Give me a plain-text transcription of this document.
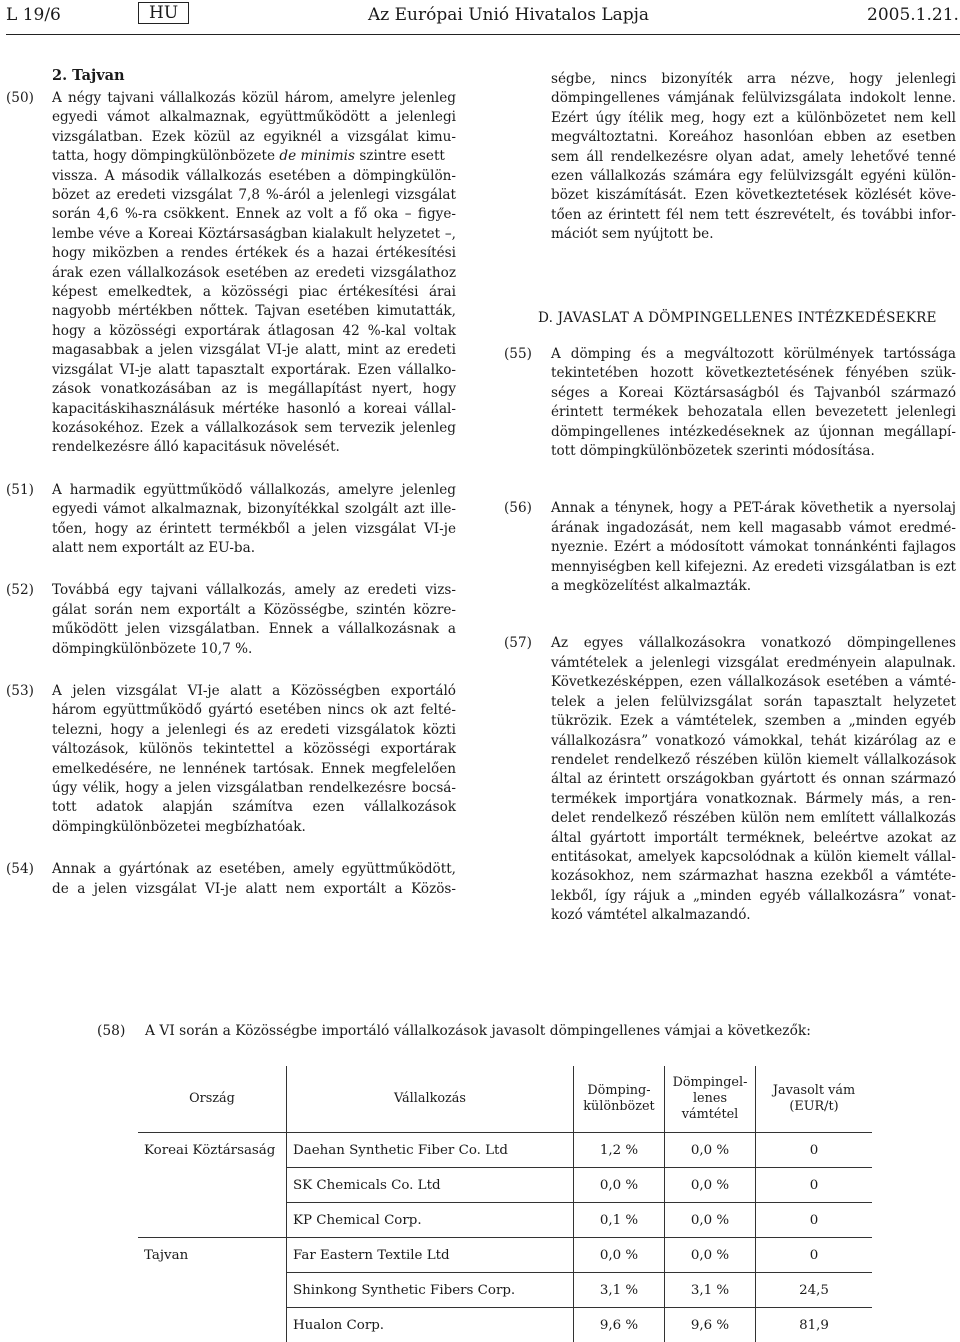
L 19/6	HU	Az Európai Unió Hivatalos Lapja	2005.1.21.
2. Tajvan
(50) A négy tajvani vállalkozás közül három, amelyre jelenleg
egyedi vámot alkalmaznak, együttműködött a jelenlegi
vizsgálatban. Ezek közül az egyiknél a vizsgálat kimu-
tatta, hogy dömpingkülönbözete de minimis szintre esett
vissza. A második vállalkozás esetében a dömpingkülön-
bözet az eredeti vizsgálat 7,8 %-áról a jelenlegi vizsgálat
során 4,6 %-ra csökkent. Ennek az volt a fő oka – figye-
lembe véve a Koreai Köztársaságban kialakult helyzetet –,
hogy miközben a rendes értékek és a hazai értékesítési
árak ezen vállalkozások esetében az eredeti vizsgálathoz
képest emelkedtek, a közösségi piac értékesítési árai
nagyobb mértékben nőttek. Tajvan esetében kimutatták,
hogy a közösségi exportárak átlagosan 42 %-kal voltak
magasabbak a jelen vizsgálat VI-je alatt, mint az eredeti
vizsgálat VI-je alatt tapasztalt exportárak. Ezen vállalko-
zások vonatkozásában az is megállapítást nyert, hogy
kapacitáskihasználásuk mértéke hasonló a koreai vállal-
kozásokéhoz. Ezek a vállalkozások sem tervezik jelenleg
rendelkezésre álló kapacitásuk növelését.
(51) A harmadik együttműködő vállalkozás, amelyre jelenleg
egyedi vámot alkalmaznak, bizonyítékkal szolgált azt ille-
tően, hogy az érintett termékből a jelen vizsgálat VI-je
alatt nem exportált az EU-ba.
(52) Továbbá egy tajvani vállalkozás, amely az eredeti vizs-
gálat során nem exportált a Közösségbe, szintén közre-
működött jelen vizsgálatban. Ennek a vállalkozásnak a
dömpingkülönbözete 10,7 %.
(53) A jelen vizsgálat VI-je alatt a Közösségben exportáló
három együttműködő gyártó esetében nincs ok azt felté-
telezni, hogy a jelenlegi és az eredeti vizsgálatok közti
változások, különös tekintettel a közösségi exportárak
emelkedésére, ne lennének tartósak. Ennek megfelelően
úgy vélik, hogy a jelen vizsgálatban rendelkezésre bocsá-
tott adatok alapján számítva ezen vállalkozások
dömpingkülönbözetei megbízhatóak.
(54) Annak a gyártónak az esetében, amely együttműködött,
de a jelen vizsgálat VI-je alatt nem exportált a Közös-
ségbe, nincs bizonyíték arra nézve, hogy jelenlegi
dömpingellenes vámjának felülvizsgálata indokolt lenne.
Ezért úgy ítélik meg, hogy ezt a különbözetet nem kell
megváltoztatni. Koreához hasonlóan ebben az esetben
sem áll rendelkezésre olyan adat, amely lehetővé tenné
ezen vállalkozás számára egy felülvizsgált egyéni külön-
bözet kiszámítását. Ezen következtetések közlését köve-
tően az érintett fél nem tett észrevételt, és további infor-
mációt sem nyújtott be.
D. JAVASLAT A DÖMPINGELLENES INTÉZKEDÉSEKRE
(55) A dömping és a megváltozott körülmények tartóssága
tekintetében hozott következtetésének fényében szük-
séges a Koreai Köztársaságból és Tajvanból származó
érintett termékek behozatala ellen bevezetett jelenlegi
dömpingellenes intézkedéseknek az újonnan megállapí-
tott dömpingkülönbözetek szerinti módosítása.
(56) Annak a ténynek, hogy a PET-árak követhetik a nyersolaj
árának ingadozását, nem kell magasabb vámot eredmé-
nyeznie. Ezért a módosított vámokat tonnánkénti fajlagos
mennyiségben kell kifejezni. Az eredeti vizsgálatban is ezt
a megközelítést alkalmazták.
(57) Az egyes vállalkozásokra vonatkozó dömpingellenes
vámtételek a jelenlegi vizsgálat eredményein alapulnak.
Következésképpen, ezen vállalkozások esetében a vámté-
telek a jelen felülvizsgálat során tapasztalt helyzetet
tükrözik. Ezek a vámtételek, szemben a „minden egyéb
vállalkozásra” vonatkozó vámokkal, tehát kizárólag az e
rendelet rendelkező részében külön kiemelt vállalkozások
által az érintett országokban gyártott és onnan származó
termékek importjára vonatkoznak. Bármely más, a ren-
delet rendelkező részében külön nem említett vállalkozás
által gyártott importált terméknek, beleértve azokat az
entitásokat, amelyek kapcsolódnak a külön kiemelt vállal-
kozásokhoz, nem származhat haszna ezekből a vámtéte-
lekből, így rájuk a „minden egyéb vállalkozásra” vonat-
kozó vámtétel alkalmazandó.
(58) A VI során a Közösségbe importáló vállalkozások javasolt dömpingellenes vámjai a következők:
Ország	Vállalkozás	Dömping-
különbözet	Dömpingel-
lenes
vámtétel	Javasolt vám
(EUR/t)
Koreai Köztársaság	Daehan Synthetic Fiber Co. Ltd	1,2 %	0,0 %	0
	SK Chemicals Co. Ltd	0,0 %	0,0 %	0
	KP Chemical Corp.	0,1 %	0,0 %	0
Tajvan	Far Eastern Textile Ltd	0,0 %	0,0 %	0
	Shinkong Synthetic Fibers Corp.	3,1 %	3,1 %	24,5
	Hualon Corp.	9,6 %	9,6 %	81,9
